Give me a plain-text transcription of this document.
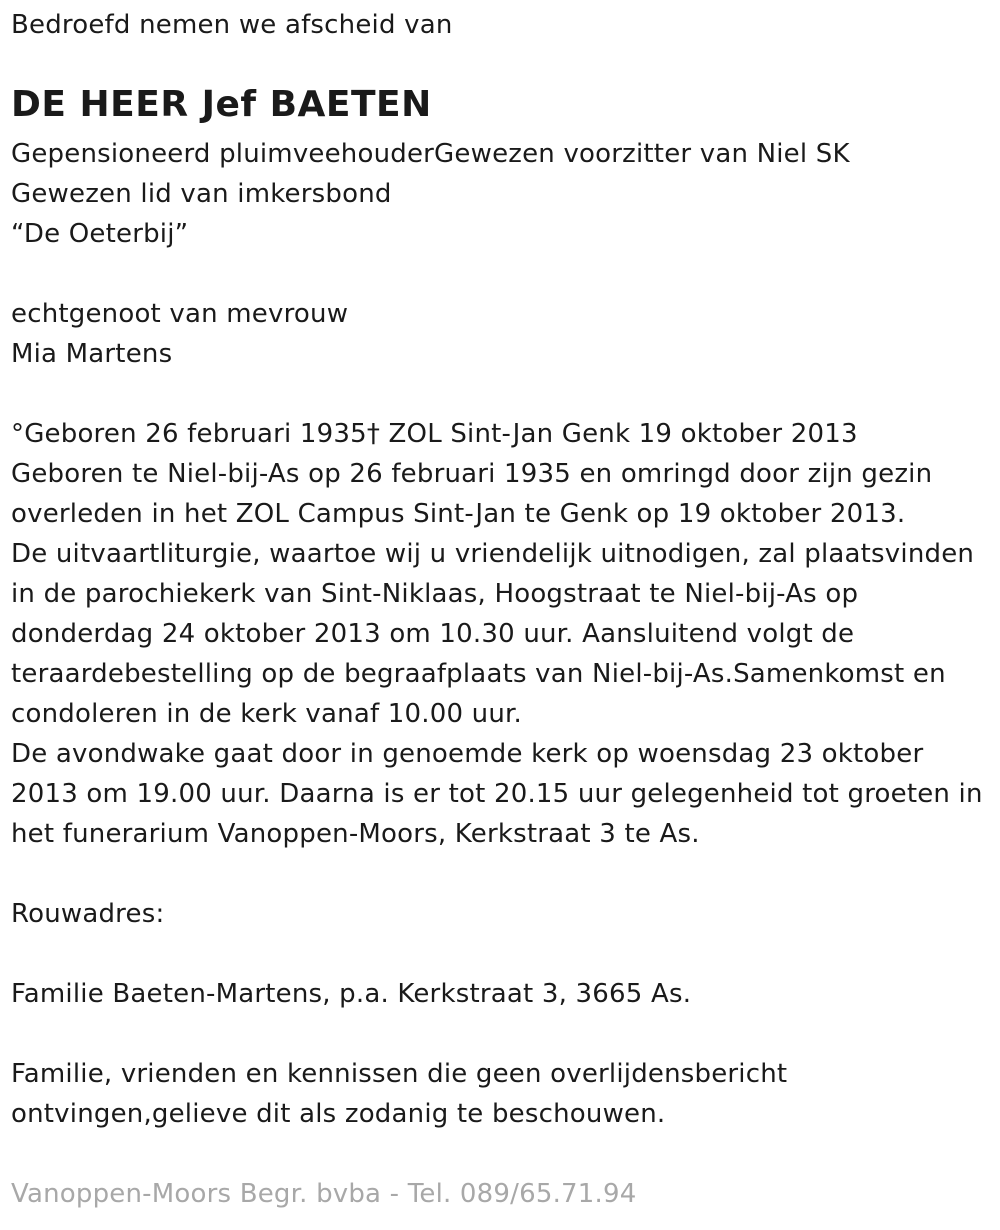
Bedroefd nemen we afscheid van
DE HEER Jef BAETEN
Gepensioneerd pluimveehouderGewezen voorzitter van Niel SK
Gewezen lid van imkersbond
“De Oeterbij”
echtgenoot van mevrouw
Mia Martens
°Geboren 26 februari 1935† ZOL Sint-Jan Genk 19 oktober 2013
Geboren te Niel-bij-As op 26 februari 1935 en omringd door zijn gezin
overleden in het ZOL Campus Sint-Jan te Genk op 19 oktober 2013.
De uitvaartliturgie, waartoe wij u vriendelijk uitnodigen, zal plaatsvinden
in de parochiekerk van Sint-Niklaas, Hoogstraat te Niel-bij-As op
donderdag 24 oktober 2013 om 10.30 uur. Aansluitend volgt de
teraardebestelling op de begraafplaats van Niel-bij-As.Samenkomst en
condoleren in de kerk vanaf 10.00 uur.
De avondwake gaat door in genoemde kerk op woensdag 23 oktober
2013 om 19.00 uur. Daarna is er tot 20.15 uur gelegenheid tot groeten in
het funerarium Vanoppen-Moors, Kerkstraat 3 te As.
Rouwadres:
Familie Baeten-Martens, p.a. Kerkstraat 3, 3665 As.
Familie, vrienden en kennissen die geen overlijdensbericht
ontvingen,gelieve dit als zodanig te beschouwen.
Vanoppen-Moors Begr. bvba - Tel. 089/65.71.94
